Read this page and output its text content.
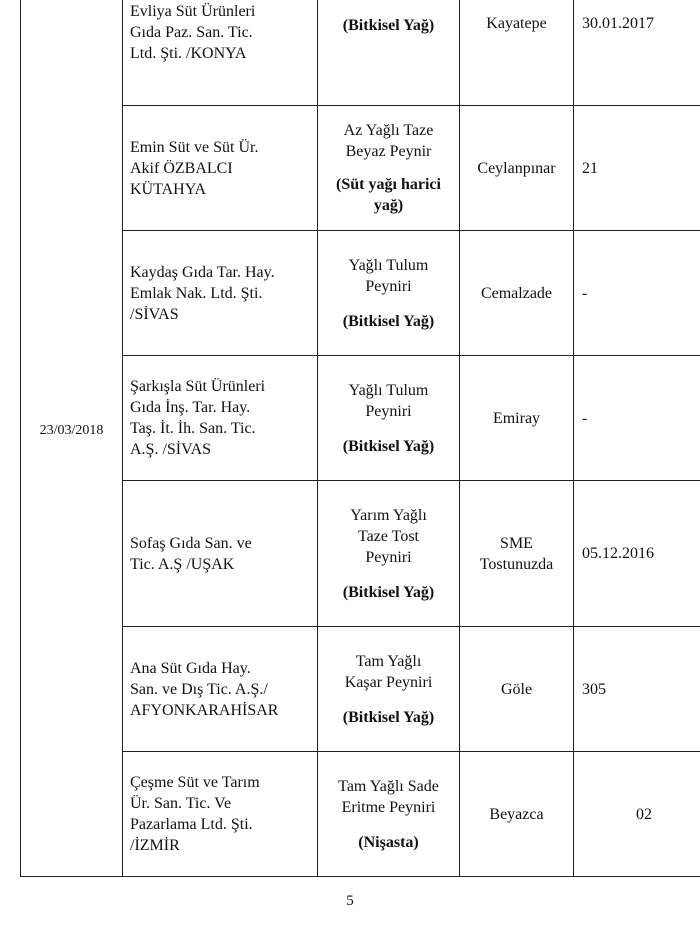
23/03/2018	Evliya Süt Ürünleri
Gıda Paz. San. Tic.
Ltd. Şti. /KONYA	(Bitkisel Yağ)	Kayatepe	30.01.2017

	Emin Süt ve Süt Ür.
Akif ÖZBALCI
KÜTAHYA	Az Yağlı Taze
Beyaz Peynir
(Süt yağı harici
yağ)	Ceylanpınar	21

	Kaydaş Gıda Tar. Hay.
Emlak Nak. Ltd. Şti.
/SİVAS	Yağlı Tulum
Peyniri
(Bitkisel Yağ)	Cemalzade	-

	Şarkışla Süt Ürünleri
Gıda İnş. Tar. Hay.
Taş. İt. İh. San. Tic.
A.Ş. /SİVAS	Yağlı Tulum
Peyniri
(Bitkisel Yağ)	Emiray	-

	Sofaş Gıda San. ve
Tic. A.Ş /UŞAK	Yarım Yağlı
Taze Tost
Peyniri
(Bitkisel Yağ)	SME
Tostunuzda	05.12.2016

	Ana Süt Gıda Hay.
San. ve Dış Tic. A.Ş./
AFYONKARAHİSAR	Tam Yağlı
Kaşar Peyniri
(Bitkisel Yağ)	Göle	305

	Çeşme Süt ve Tarım
Ür. San. Tic. Ve
Pazarlama Ltd. Şti.
/İZMİR	Tam Yağlı Sade
Eritme Peyniri
(Nişasta)	Beyazca	02
5
